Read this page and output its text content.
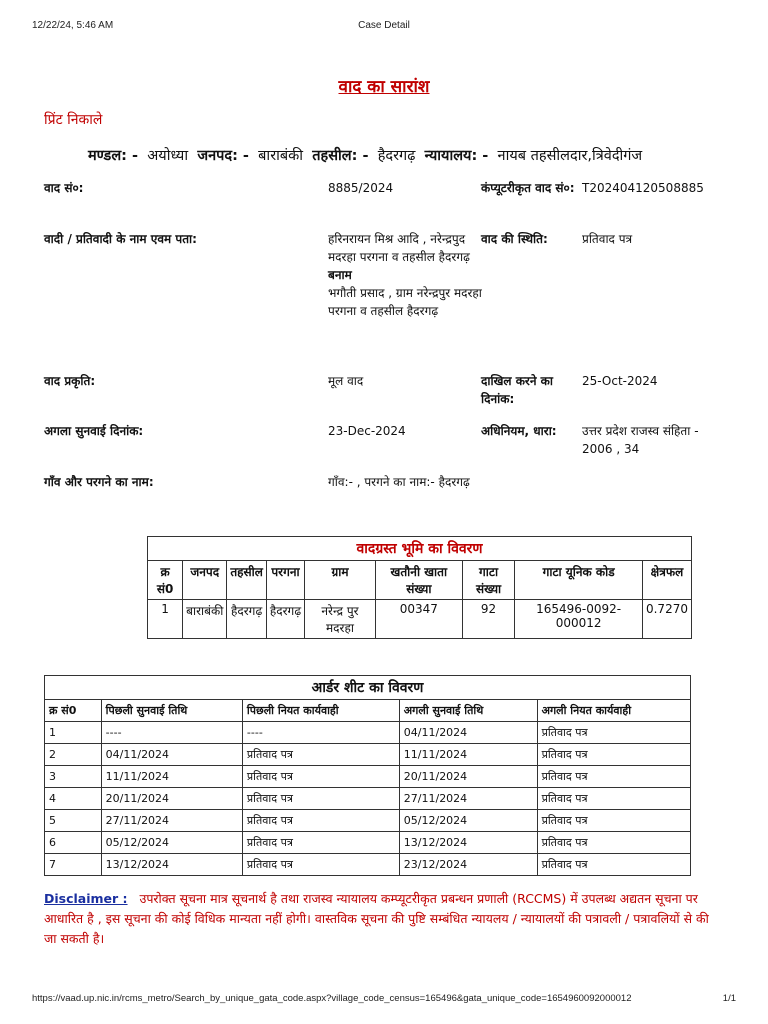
12/22/24, 5:46 AM	Case Detail
वाद का सारांश
प्रिंट निकाले
मण्डल: - अयोध्या जनपद: - बाराबंकी तहसील: - हैदरगढ़ न्यायालय: - नायब तहसीलदार,त्रिवेदीगंज
वाद सं०:	8885/2024	कंप्यूटरीकृत वाद सं०: T202404120508885
वादी / प्रतिवादी के नाम एवम पता:	हरिनरायन मिश्र आदि , नरेन्द्रपुद मदरहा परगना व तहसील हैदरगढ़
बनाम
भगौती प्रसाद , ग्राम नरेन्द्रपुर मदरहा परगना व तहसील हैदरगढ़
वाद की स्थिति:	प्रतिवाद पत्र
वाद प्रकृति:	मूल वाद	दाखिल करने का दिनांक:
25-Oct-2024
अगला सुनवाई दिनांक:	23-Dec-2024	अधिनियम, धारा:	उत्तर प्रदेश राजस्व संहिता - 2006 , 34
गाँव और परगने का नाम:	गाँव:- , परगने का नाम:- हैदरगढ़
वादग्रस्त भूमि का विवरण								
क्र सं0	जनपद	तहसील	परगना	ग्राम	खतौनी खाता संख्या	गाटा संख्या	गाटा यूनिक कोड	क्षेत्रफल
1	बाराबंकी	हैदरगढ़	हैदरगढ़	नरेन्द्र पुर मदरहा	00347	92	165496-0092-000012	0.7270
आर्डर शीट का विवरण				
क्र सं0	पिछली सुनवाई तिथि	पिछली नियत कार्यवाही	अगली सुनवाई तिथि	अगली नियत कार्यवाही
1	----	----	04/11/2024	प्रतिवाद पत्र
2	04/11/2024	प्रतिवाद पत्र	11/11/2024	प्रतिवाद पत्र
3	11/11/2024	प्रतिवाद पत्र	20/11/2024	प्रतिवाद पत्र
4	20/11/2024	प्रतिवाद पत्र	27/11/2024	प्रतिवाद पत्र
5	27/11/2024	प्रतिवाद पत्र	05/12/2024	प्रतिवाद पत्र
6	05/12/2024	प्रतिवाद पत्र	13/12/2024	प्रतिवाद पत्र
7	13/12/2024	प्रतिवाद पत्र	23/12/2024	प्रतिवाद पत्र
Disclaimer : उपरोक्त सूचना मात्र सूचनार्थ है तथा राजस्व न्यायालय कम्प्यूटरीकृत प्रबन्धन प्रणाली (RCCMS) में उपलब्ध अद्यतन सूचना पर आधारित है , इस सूचना की कोई विधिक मान्यता नहीं होगी। वास्तविक सूचना की पुष्टि सम्बंधित न्यायलय / न्यायालयों की पत्रावली / पत्रावलियों से की जा सकती है।
https://vaad.up.nic.in/rcms_metro/Search_by_unique_gata_code.aspx?village_code_census=165496&gata_unique_code=1654960092000012	1/1
